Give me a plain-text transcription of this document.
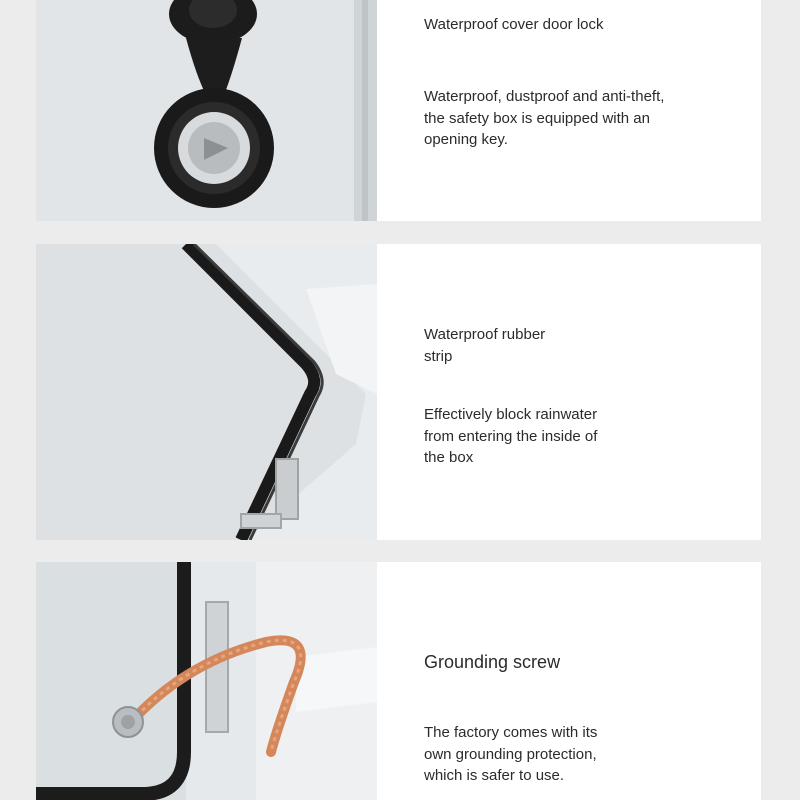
Waterproof cover door lock

Waterproof, dustproof and anti-theft,
the safety box is equipped with an
opening key.

Waterproof rubber
strip

Effectively block rainwater
from entering the inside of
the box

Grounding screw

The factory comes with its
own grounding protection,
which is safer to use.
